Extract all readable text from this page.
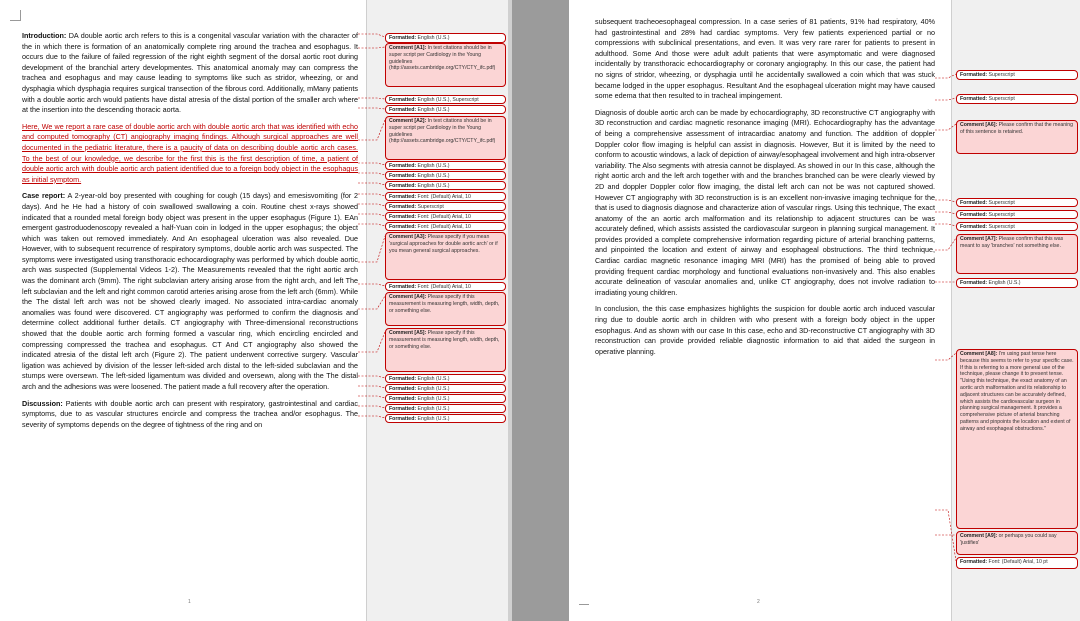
Introduction: DA double aortic arch refers to this is a congenital vascular variation with the character of the in which there is formation of an anatomically complete ring around the trachea and esophagus. It occurs due to the failure of failed regression of the right eighth segment of the dorsal aortic root during development of the branchial artery developmentes. This anatomical anomaly may can compress the trachea and esophagus and may cause leading to symptoms like such as stridor, wheezing, or and dysphagia which dysphagia requires surgical transection of the fibrous cord. Additionally, mMany patients with a double aortic arch would patients have distal atresia of the distal portion of the smaller arch where at the insertion into the descending thoracic aorta.

Here, We we report a rare case of double aortic arch with double aortic arch that was identified with echo and computed tomography (CT) angiography imaging findings. Although surgical approaches are well documented in the pediatric literature, there is a paucity of data on describing double aortic arch cases. To the best of our knowledge, we describe for the first this is the first description of time, a patient of double aortic arch with double aortic arch patient identified due to a foreign body object in the esophagus as initial symptom.

Case report: A 2-year-old boy presented with coughing for cough (15 days) and emesisvomiting (for 2 days). And he He had a history of coin swallowed swallowing a coin. Routine chest x-rays showed indicated that a rounded metal foreign body object was present in the upper esophagus (Figure 1). EAn emergent gastroduodenoscopy revealed a half-Yuan coin in lodged in the upper esophagus; the object which was taken out removed immediately. And An esophageal ulceration was also revealed. Due However, with to subsequent recurrence of respiratory symptoms, double aortic arch was suspected. The symptoms were investigated using transthoracic echocardiography was performed by which double aortic arch was suspected (Supplemental Videos 1-2). The Measurements revealed that the right aortic arch was the dominant arch (9mm). The right subclavian artery arising arose from the right arch, and left The left subclavian and the left and right common carotid arteries arising arose from the left arch (6mm). While the The distal left arch was not be showed clearly imaged. No associated intra-cardiac anomaly anomalies was found were discovered. CT angiography was performed to confirm the diagnosis and determine collect additional further details. CT angiography with Three-dimensional reconstructions showed that the double aortic arch forming formed a vascular ring, which encircling encircled and compressing compressed the trachea and esophagus. CT And CT angiography also showed the indicated atresia of the distal left arch (Figure 2). The patient underwent corrective surgery. Vascular ligation was achieved by division of the lesser left-sided arch distal to the left-sided subclavian and the stumps were oversewn. The left-sided ligamentum was divided and oversewn, along with the The distal arch and the adhesions was were loosened. The patient made a full recovery after the operation.

Discussion: Patients with double aortic arch can present with respiratory, gastrointestinal and cardiac symptoms, due to as vascular structures encircle and compress the trachea and/or esophagus. The severity of symptoms depends on the degree of tightness of the ring and on

Formatted: English (U.S.)
Comment [A1]: In text citations should be in super script per Cardiology in the Young guidelines (http://assets.cambridge.org/CTY/CTY_ifc.pdf)
Formatted: English (U.S.), Superscript
Formatted: English (U.S.)
Comment [A2]: In text citations should be in super script per Cardiology in the Young guidelines (http://assets.cambridge.org/CTY/CTY_ifc.pdf)
Formatted: English (U.S.)
Formatted: English (U.S.)
Formatted: English (U.S.)
Formatted: Font: (Default) Arial, 10
Formatted: Superscript
Formatted: Font: (Default) Arial, 10
Formatted: Font: (Default) Arial, 10
Comment [A3]: Please specify if you mean 'surgical approaches for double aortic arch' or if you mean general surgical approaches.
Formatted: Font: (Default) Arial, 10
Comment [A4]: Please specify if this measurement is measuring length, width, depth, or something else.
Comment [A5]: Please specify if this measurement is measuring length, width, depth, or something else.
Formatted: English (U.S.)
Formatted: English (U.S.)
Formatted: English (U.S.)
Formatted: English (U.S.)
Formatted: English (U.S.)
1

subsequent tracheoesophageal compression. In a case series of 81 patients, 91% had respiratory, 40% had gastrointestinal and 28% had cardiac symptoms. Very few patients experienced partial or no compressions with subclinical presentations, and even. It was very rare rarer for patients to present in adulthood. Some And those were adult adult patients that were asymptomatic and were diagnosed incidentally by transthoracic echocardiography or coronary angiography. In this our case, the patient had no signs of stridor, wheezing, or dysphagia until he accidentally swallowed a coin which that was stuck became lodged in the upper esophagus. Resultant And the esophageal ulceration might may have caused some edema that then resulted to in tracheal impingement.

Diagnosis of double aortic arch can be made by echocardiography, 3D reconstructive CT angiography with 3D reconstruction and cardiac magnetic resonance imaging (MRI). Echocardiography has the advantage of being a comprehensive assessment of intracardiac anatomy and function. The addition of doppler Doppler color flow imaging is helpful can assist in diagnosis. However, But it is limited by the need to conform to acoustic windows, a lack of depiction of airway/esophageal involvement and high intra-observer variability. The Also segments with atresia cannot be displayed. As showed in our In this case, although the right aortic arch and the left arch together with and the branches branched can be were clearly viewed by 2D and doppler Doppler color flow imaging, the distal left arch can not be was not captured showed. However CT angiography with 3D reconstruction is is an excellent non-invasive imaging technique for the that is used to diagnosis diagnose and characterize ation of vascular rings. Using this technique, The exact anatomy of the an aortic arch malformation and its relationship to adjacent structures can be was accurately defined, which assists assisted the cardiovascular surgeon in planning surgical management. It provides provided a complete comprehensive information regarding picture of arterial branching patterns, and pinpointed the location and extent of airway and esophageal obstructions. The third technique, Cardiac cardiac magnetic resonance imaging MRI (MRI) has the promised of being able to proved providing frequent cardiac morphology and functional evaluations non-invasively and. This also enables accurate delineation of vascular anomalies and, unlike CT angiography, does not involve radiation to irradiating young children.

In conclusion, the this case emphasizes highlights the suspicion for double aortic arch induced vascular ring due to double aortic arch in children with who present with a foreign body object in the upper esophagus. And as shown with our case In this case, echo and 3D-reconstructive CT angiography with 3D reconstruction can provide provided reliable diagnostic information to aid that aided the surgeon in operative planning.

Formatted: Superscript
Formatted: Superscript
Comment [A6]: Please confirm that the meaning of this sentence is retained.
Formatted: Superscript
Formatted: Superscript
Formatted: Superscript
Comment [A7]: Please confirm that this was meant to say 'branches' not something else.
Formatted: English (U.S.)
Comment [A8]: I'm using past tense here because this seems to refer to your specific case. If this is referring to a more general use of the technique, please change it to present tense. "Using this technique, the exact anatomy of an aortic arch malformation and its relationship to adjacent structures can be accurately defined, which assists the cardiovascular surgeon in planning surgical management. It provides a comprehensive picture of arterial branching patterns and pinpoints the location and extent of airway and esophageal obstructions."
Comment [A9]: or perhaps you could say 'justifies'
Formatted: Font: (Default) Arial, 10 pt
2
